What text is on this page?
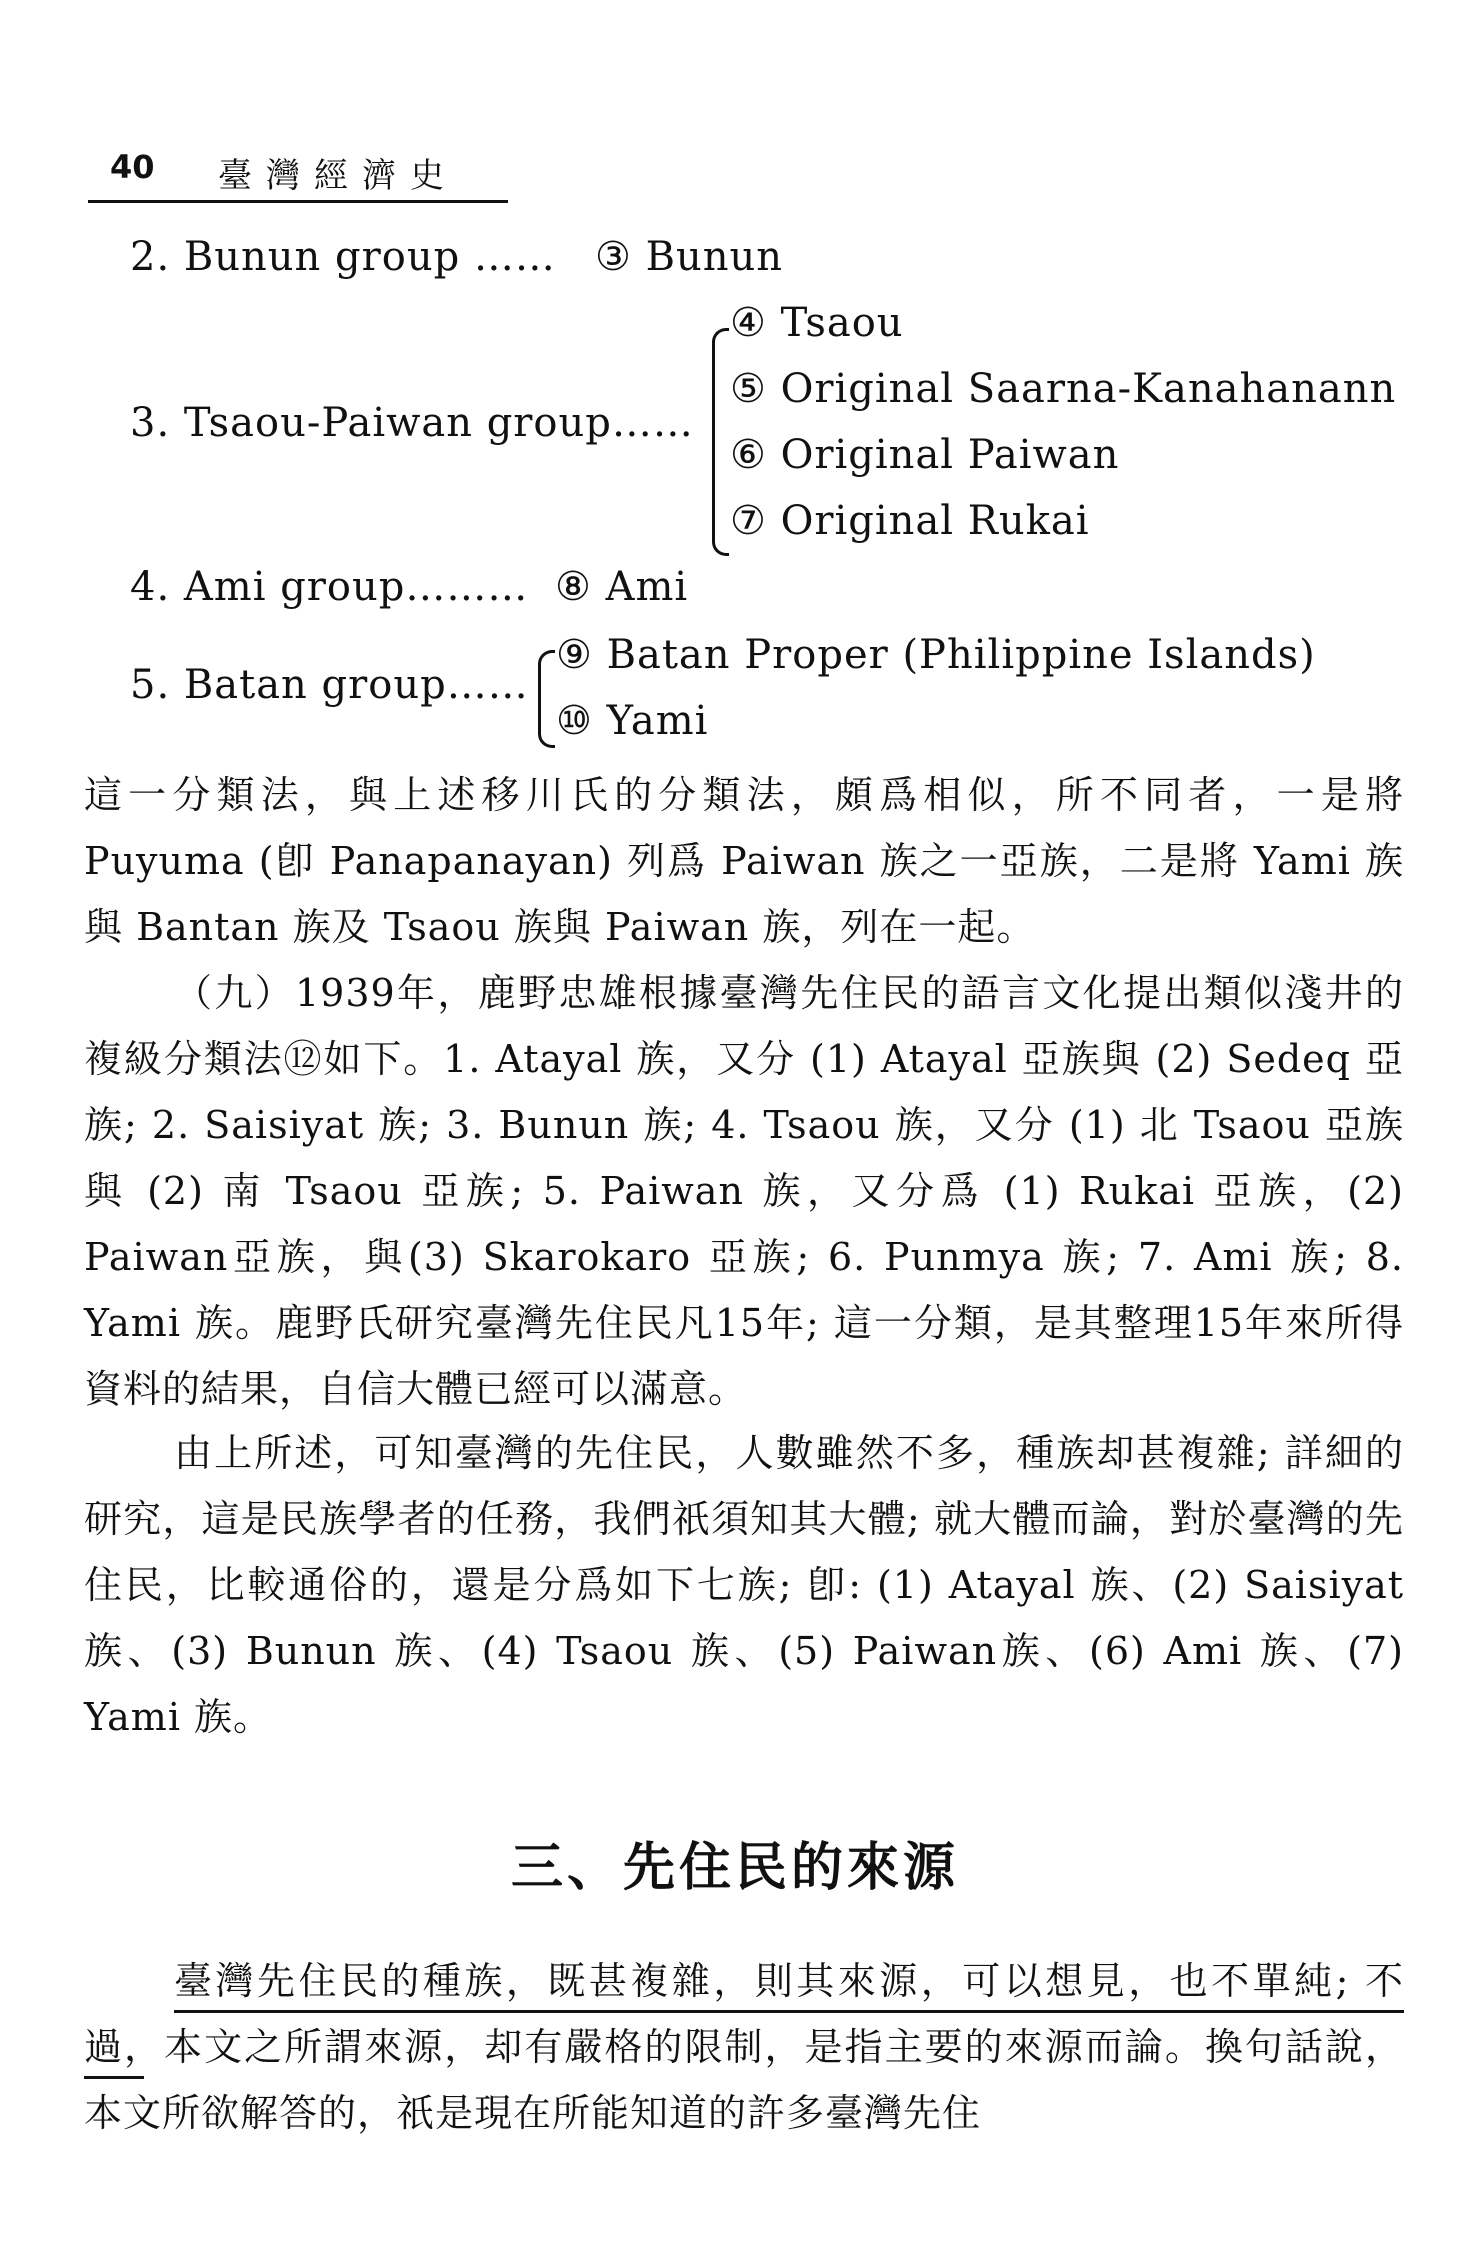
40 臺灣經濟史
2. Bunun group …… ③ Bunun
3. Tsaou-Paiwan group……
④ Tsaou
⑤ Original Saarna-Kanahanann
⑥ Original Paiwan
⑦ Original Rukai
4. Ami group……… ⑧ Ami
5. Batan group……
⑨ Batan Proper (Philippine Islands)
⑩ Yami

這一分類法，與上述移川氏的分類法，頗爲相似，所不同者，一是將 Puyuma (卽 Panapanayan) 列爲 Paiwan 族之一亞族，二是將 Yami 族與 Bantan 族及 Tsaou 族與 Paiwan 族，列在一起。

（九）1939年，鹿野忠雄根據臺灣先住民的語言文化提出類似淺井的複級分類法⑫如下。1. Atayal 族，又分 (1) Atayal 亞族與 (2) Sedeq 亞族; 2. Saisiyat 族; 3. Bunun 族; 4. Tsaou 族，又分 (1) 北 Tsaou 亞族與 (2) 南 Tsaou 亞族; 5. Paiwan 族，又分爲 (1) Rukai 亞族，(2) Paiwan亞族，與(3) Skarokaro 亞族; 6. Punmya 族; 7. Ami 族; 8. Yami 族。鹿野氏研究臺灣先住民凡15年; 這一分類，是其整理15年來所得資料的結果，自信大體已經可以滿意。

由上所述，可知臺灣的先住民，人數雖然不多，種族却甚複雜; 詳細的研究，這是民族學者的任務，我們祇須知其大體; 就大體而論，對於臺灣的先住民，比較通俗的，還是分爲如下七族; 卽: (1) Atayal 族、(2) Saisiyat 族、(3) Bunun 族、(4) Tsaou 族、(5) Paiwan族、(6) Ami 族、(7) Yami 族。

三、先住民的來源

臺灣先住民的種族，既甚複雜，則其來源，可以想見，也不單純; 不過，本文之所謂來源，却有嚴格的限制，是指主要的來源而論。換句話說，本文所欲解答的，祇是現在所能知道的許多臺灣先住
